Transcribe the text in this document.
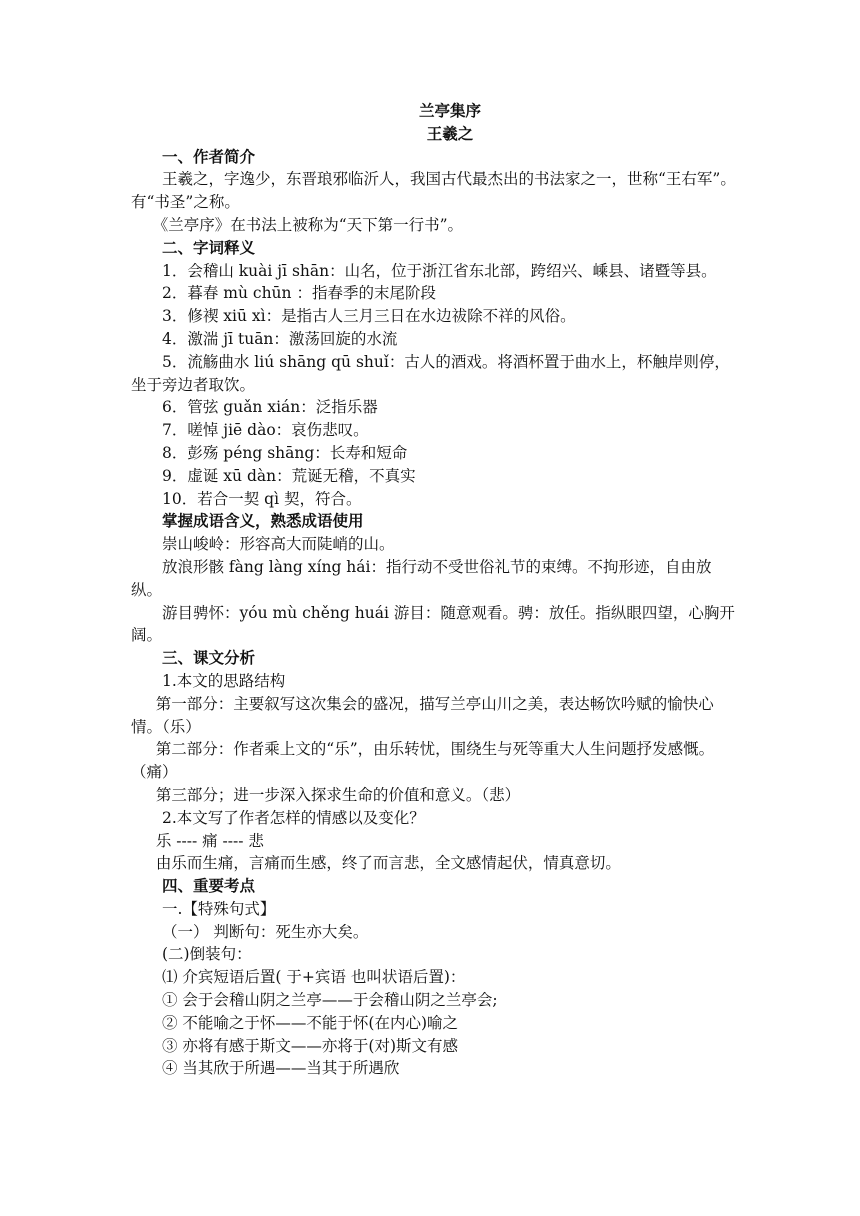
兰亭集序
王羲之
一、作者简介
王羲之，字逸少，东晋琅邪临沂人，我国古代最杰出的书法家之一，世称“王右军”。有“书圣”之称。
《兰亭序》在书法上被称为“天下第一行书”。
二、字词释义
1．会稽山 kuài jī shān：山名，位于浙江省东北部，跨绍兴、嵊县、诸暨等县。
2．暮春 mù chūn ：指春季的末尾阶段
3．修禊 xiū xì：是指古人三月三日在水边祓除不祥的风俗。
4．激湍 jī tuān：激荡回旋的水流
5．流觞曲水 liú shāng qū shuǐ：古人的酒戏。将酒杯置于曲水上，杯触岸则停，坐于旁边者取饮。
6．管弦 guǎn xián：泛指乐器
7．嗟悼 jiē dào：哀伤悲叹。
8．彭殇 péng shāng：长寿和短命
9．虚诞 xū dàn：荒诞无稽，不真实
10．若合一契 qì 契，符合。
掌握成语含义，熟悉成语使用
崇山峻岭：形容高大而陡峭的山。
放浪形骸 fàng làng xíng hái：指行动不受世俗礼节的束缚。不拘形迹，自由放纵。
游目骋怀：yóu mù chěng huái 游目：随意观看。骋：放任。指纵眼四望，心胸开阔。
三、课文分析
1.本文的思路结构
第一部分：主要叙写这次集会的盛况，描写兰亭山川之美，表达畅饮吟赋的愉快心情。（乐）
第二部分：作者乘上文的“乐”，由乐转忧，围绕生与死等重大人生问题抒发感慨。（痛）
第三部分；进一步深入探求生命的价值和意义。（悲）
2.本文写了作者怎样的情感以及变化？
乐 ---- 痛 ---- 悲
由乐而生痛，言痛而生感，终了而言悲，全文感情起伏，情真意切。
四、重要考点
一.【特殊句式】
（一） 判断句：死生亦大矣。
(二)倒装句：
⑴ 介宾短语后置( 于+宾语 也叫状语后置)：
① 会于会稽山阴之兰亭——于会稽山阴之兰亭会;
② 不能喻之于怀——不能于怀(在内心)喻之
③ 亦将有感于斯文——亦将于(对)斯文有感
④ 当其欣于所遇——当其于所遇欣
